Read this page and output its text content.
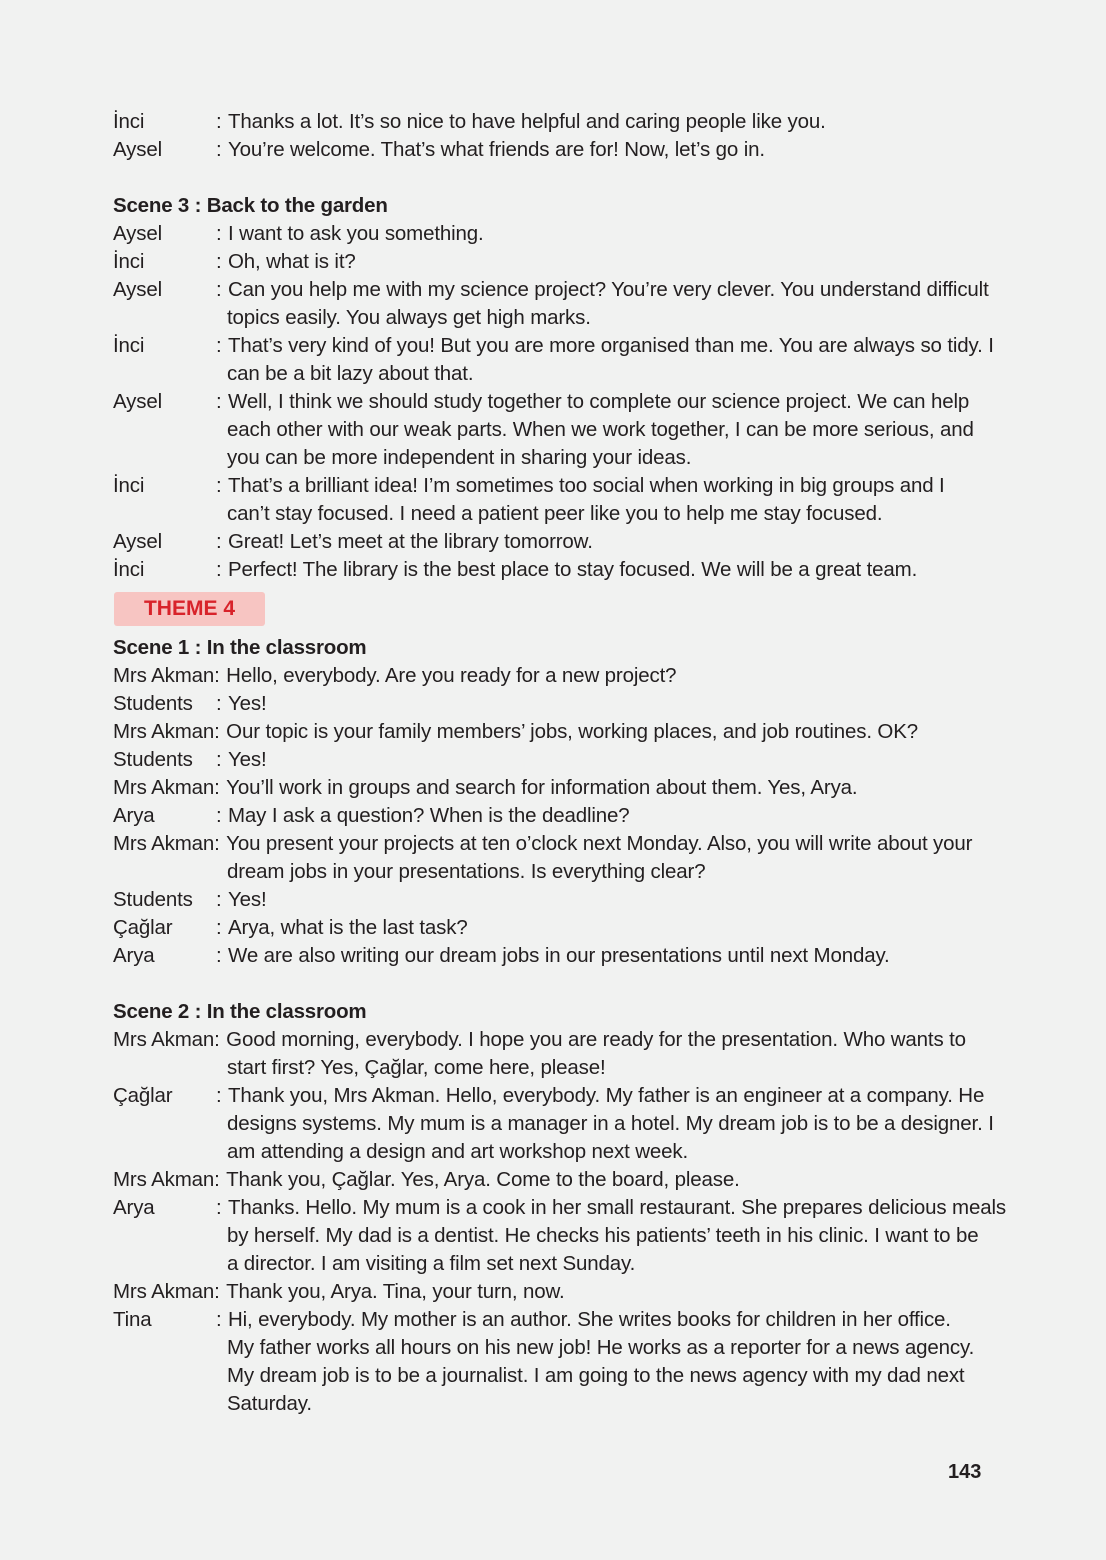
İnci	: Thanks a lot. It’s so nice to have helpful and caring people like you.
Aysel	: You’re welcome. That’s what friends are for! Now, let’s go in.
Scene 3 : Back to the garden
Aysel	: I want to ask you something.
İnci	: Oh, what is it?
Aysel	: Can you help me with my science project? You’re very clever. You understand difficult
topics easily. You always get high marks.
İnci	: That’s very kind of you! But you are more organised than me. You are always so tidy. I
can be a bit lazy about that.
Aysel	: Well, I think we should study together to complete our science project. We can help
each other with our weak parts. When we work together, I can be more serious, and
you can be more independent in sharing your ideas.
İnci	: That’s a brilliant idea! I’m sometimes too social when working in big groups and I
can’t stay focused. I need a patient peer like you to help me stay focused.
Aysel	: Great! Let’s meet at the library tomorrow.
İnci	: Perfect! The library is the best place to stay focused. We will be a great team.
THEME 4
Scene 1 : In the classroom
Mrs Akman : Hello, everybody. Are you ready for a new project?
Students	: Yes!
Mrs Akman : Our topic is your family members’ jobs, working places, and job routines. OK?
Students	: Yes!
Mrs Akman : You’ll work in groups and search for information about them. Yes, Arya.
Arya	: May I ask a question? When is the deadline?
Mrs Akman : You present your projects at ten o’clock next Monday. Also, you will write about your
dream jobs in your presentations. Is everything clear?
Students	: Yes!
Çağlar	: Arya, what is the last task?
Arya	: We are also writing our dream jobs in our presentations until next Monday.
Scene 2 : In the classroom
Mrs Akman : Good morning, everybody. I hope you are ready for the presentation. Who wants to
start first? Yes, Çağlar, come here, please!
Çağlar	: Thank you, Mrs Akman. Hello, everybody. My father is an engineer at a company. He
designs systems. My mum is a manager in a hotel. My dream job is to be a designer. I
am attending a design and art workshop next week.
Mrs Akman : Thank you, Çağlar. Yes, Arya. Come to the board, please.
Arya	: Thanks. Hello. My mum is a cook in her small restaurant. She prepares delicious meals
by herself. My dad is a dentist. He checks his patients’ teeth in his clinic. I want to be
a director. I am visiting a film set next Sunday.
Mrs Akman : Thank you, Arya. Tina, your turn, now.
Tina	: Hi, everybody. My mother is an author. She writes books for children in her office.
My father works all hours on his new job! He works as a reporter for a news agency.
My dream job is to be a journalist. I am going to the news agency with my dad next
Saturday.
143
